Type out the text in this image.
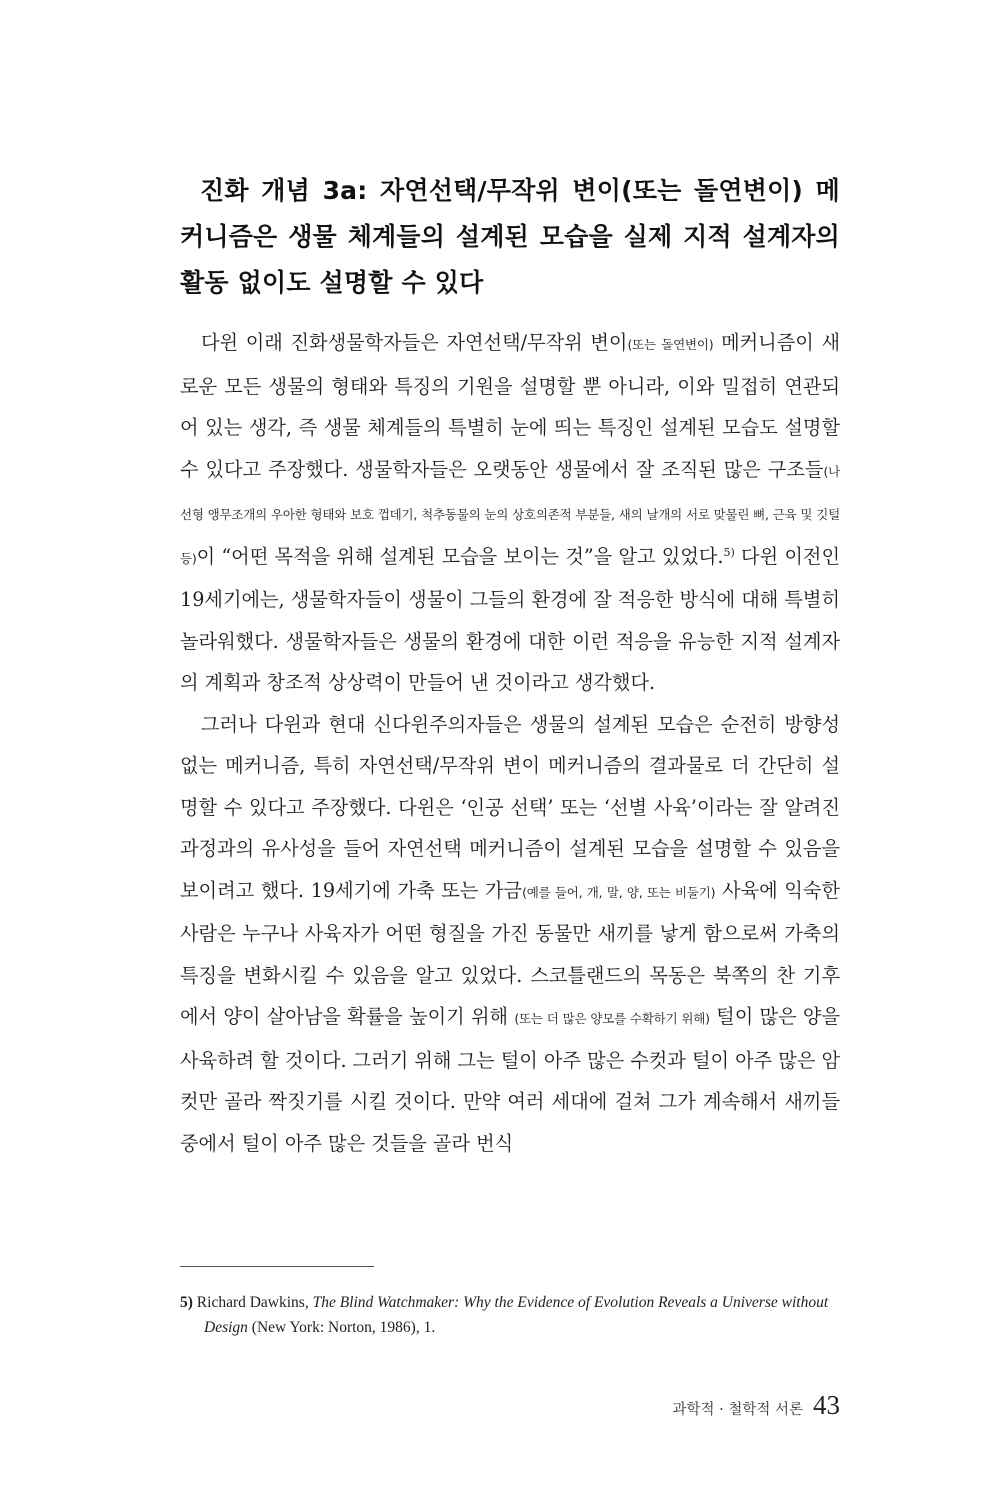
진화 개념 3a: 자연선택/무작위 변이(또는 돌연변이) 메커니즘은 생물 체계들의 설계된 모습을 실제 지적 설계자의 활동 없이도 설명할 수 있다

다윈 이래 진화생물학자들은 자연선택/무작위 변이(또는 돌연변이) 메커니즘이 새로운 모든 생물의 형태와 특징의 기원을 설명할 뿐 아니라, 이와 밀접히 연관되어 있는 생각, 즉 생물 체계들의 특별히 눈에 띄는 특징인 설계된 모습도 설명할 수 있다고 주장했다. 생물학자들은 오랫동안 생물에서 잘 조직된 많은 구조들(나선형 앵무조개의 우아한 형태와 보호 껍데기, 척추동물의 눈의 상호의존적 부분들, 새의 날개의 서로 맞물린 뼈, 근육 및 깃털 등)이 “어떤 목적을 위해 설계된 모습을 보이는 것”을 알고 있었다.$^{5)}$ 다윈 이전인 19세기에는, 생물학자들이 생물이 그들의 환경에 잘 적응한 방식에 대해 특별히 놀라워했다. 생물학자들은 생물의 환경에 대한 이런 적응을 유능한 지적 설계자의 계획과 창조적 상상력이 만들어 낸 것이라고 생각했다.

그러나 다윈과 현대 신다윈주의자들은 생물의 설계된 모습은 순전히 방향성 없는 메커니즘, 특히 자연선택/무작위 변이 메커니즘의 결과물로 더 간단히 설명할 수 있다고 주장했다. 다윈은 ‘인공 선택’ 또는 ‘선별 사육’이라는 잘 알려진 과정과의 유사성을 들어 자연선택 메커니즘이 설계된 모습을 설명할 수 있음을 보이려고 했다. 19세기에 가축 또는 가금(예를 들어, 개, 말, 양, 또는 비둘기) 사육에 익숙한 사람은 누구나 사육자가 어떤 형질을 가진 동물만 새끼를 낳게 함으로써 가축의 특징을 변화시킬 수 있음을 알고 있었다. 스코틀랜드의 목동은 북쪽의 찬 기후에서 양이 살아남을 확률을 높이기 위해 (또는 더 많은 양모를 수확하기 위해) 털이 많은 양을 사육하려 할 것이다. 그러기 위해 그는 털이 아주 많은 수컷과 털이 아주 많은 암컷만 골라 짝짓기를 시킬 것이다. 만약 여러 세대에 걸쳐 그가 계속해서 새끼들 중에서 털이 아주 많은 것들을 골라 번식

5) Richard Dawkins, The Blind Watchmaker: Why the Evidence of Evolution Reveals a Universe without Design (New York: Norton, 1986), 1.

과학적 · 철학적 서론 43
